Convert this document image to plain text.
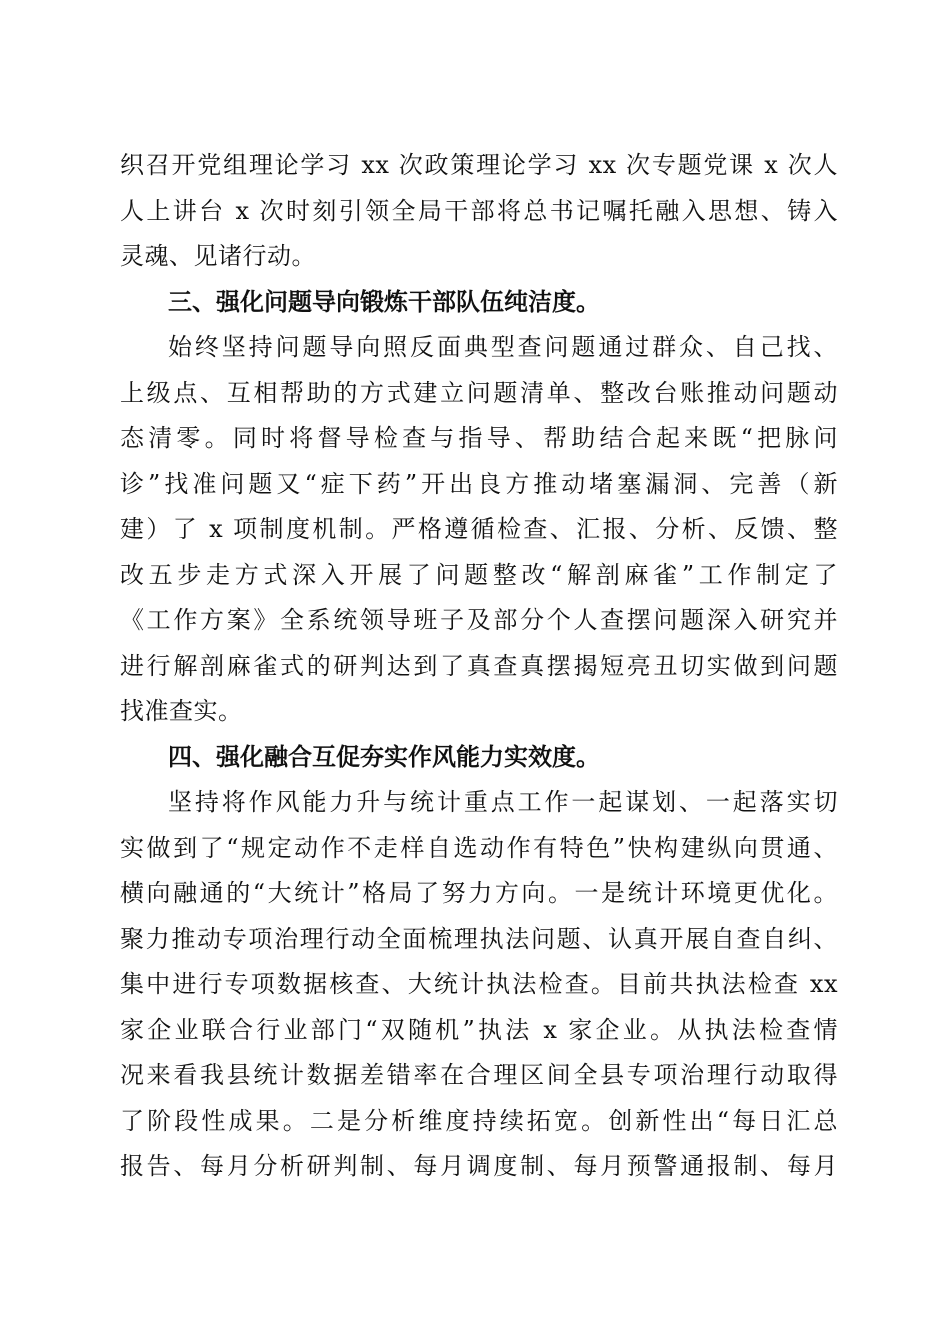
织召开党组理论学习 xx 次政策理论学习 xx 次专题党课 x 次人
人上讲台 x 次时刻引领全局干部将总书记嘱托融入思想、铸入
灵魂、见诸行动。
三、强化问题导向锻炼干部队伍纯洁度。
始终坚持问题导向照反面典型查问题通过群众、自己找、
上级点、互相帮助的方式建立问题清单、整改台账推动问题动
态清零。同时将督导检查与指导、帮助结合起来既“把脉问
诊”找准问题又“症下药”开出良方推动堵塞漏洞、完善（新
建）了 x 项制度机制。严格遵循检查、汇报、分析、反馈、整
改五步走方式深入开展了问题整改“解剖麻雀”工作制定了
《工作方案》全系统领导班子及部分个人查摆问题深入研究并
进行解剖麻雀式的研判达到了真查真摆揭短亮丑切实做到问题
找准查实。
四、强化融合互促夯实作风能力实效度。
坚持将作风能力升与统计重点工作一起谋划、一起落实切
实做到了“规定动作不走样自选动作有特色”快构建纵向贯通、
横向融通的“大统计”格局了努力方向。一是统计环境更优化。
聚力推动专项治理行动全面梳理执法问题、认真开展自查自纠、
集中进行专项数据核查、大统计执法检查。目前共执法检查 xx
家企业联合行业部门“双随机”执法 x 家企业。从执法检查情
况来看我县统计数据差错率在合理区间全县专项治理行动取得
了阶段性成果。二是分析维度持续拓宽。创新性出“每日汇总
报告、每月分析研判制、每月调度制、每月预警通报制、每月
